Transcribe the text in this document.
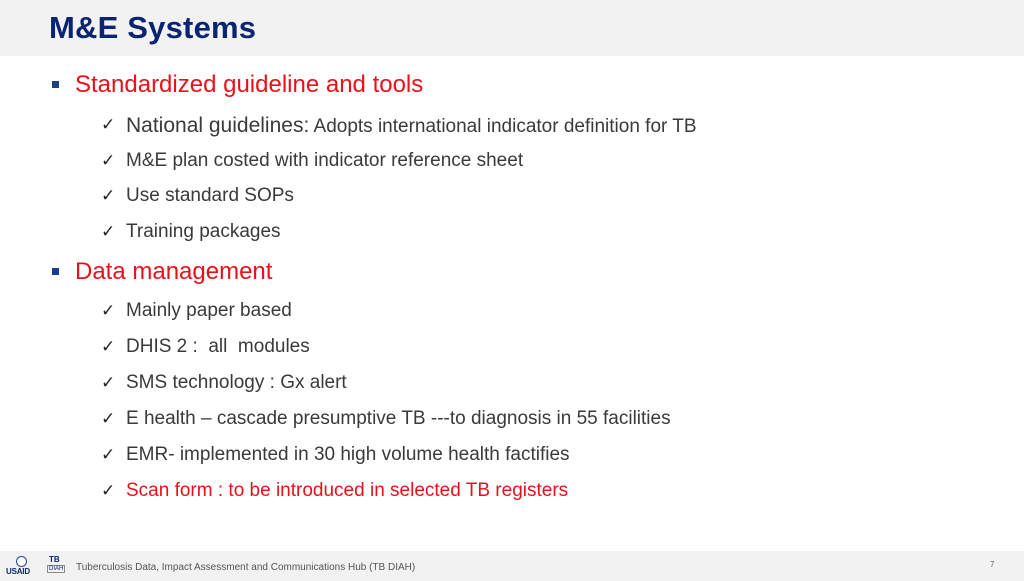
M&E Systems
Standardized guideline and tools
✓ National guidelines: Adopts international indicator definition for TB
✓ M&E plan costed with indicator reference sheet
✓ Use standard SOPs
✓ Training packages
Data management
✓ Mainly paper based
✓ DHIS 2 :  all  modules
✓ SMS technology : Gx alert
✓ E health – cascade presumptive TB ---to diagnosis in 55 facilities
✓ EMR- implemented in 30 high volume health factifies
✓ Scan form : to be introduced in selected TB registers
USAID
TB
DIAH Tuberculosis Data, Impact Assessment and Communications Hub (TB DIAH)	7
